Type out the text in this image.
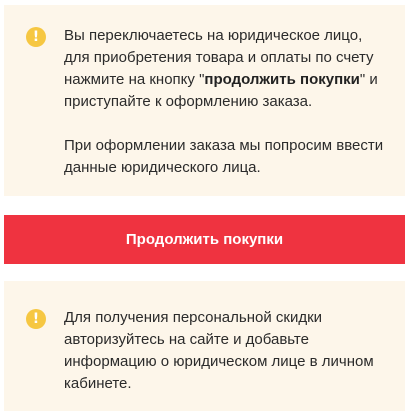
! Вы переключаетесь на юридическое лицо, для приобретения товара и оплаты по счету нажмите на кнопку "продолжить покупки" и приступайте к оформлению заказа.

При оформлении заказа мы попросим ввести данные юридического лица.

Продолжить покупки
! Для получения персональной скидки авторизуйтесь на сайте и добавьте информацию о юридическом лице в личном кабинете.
